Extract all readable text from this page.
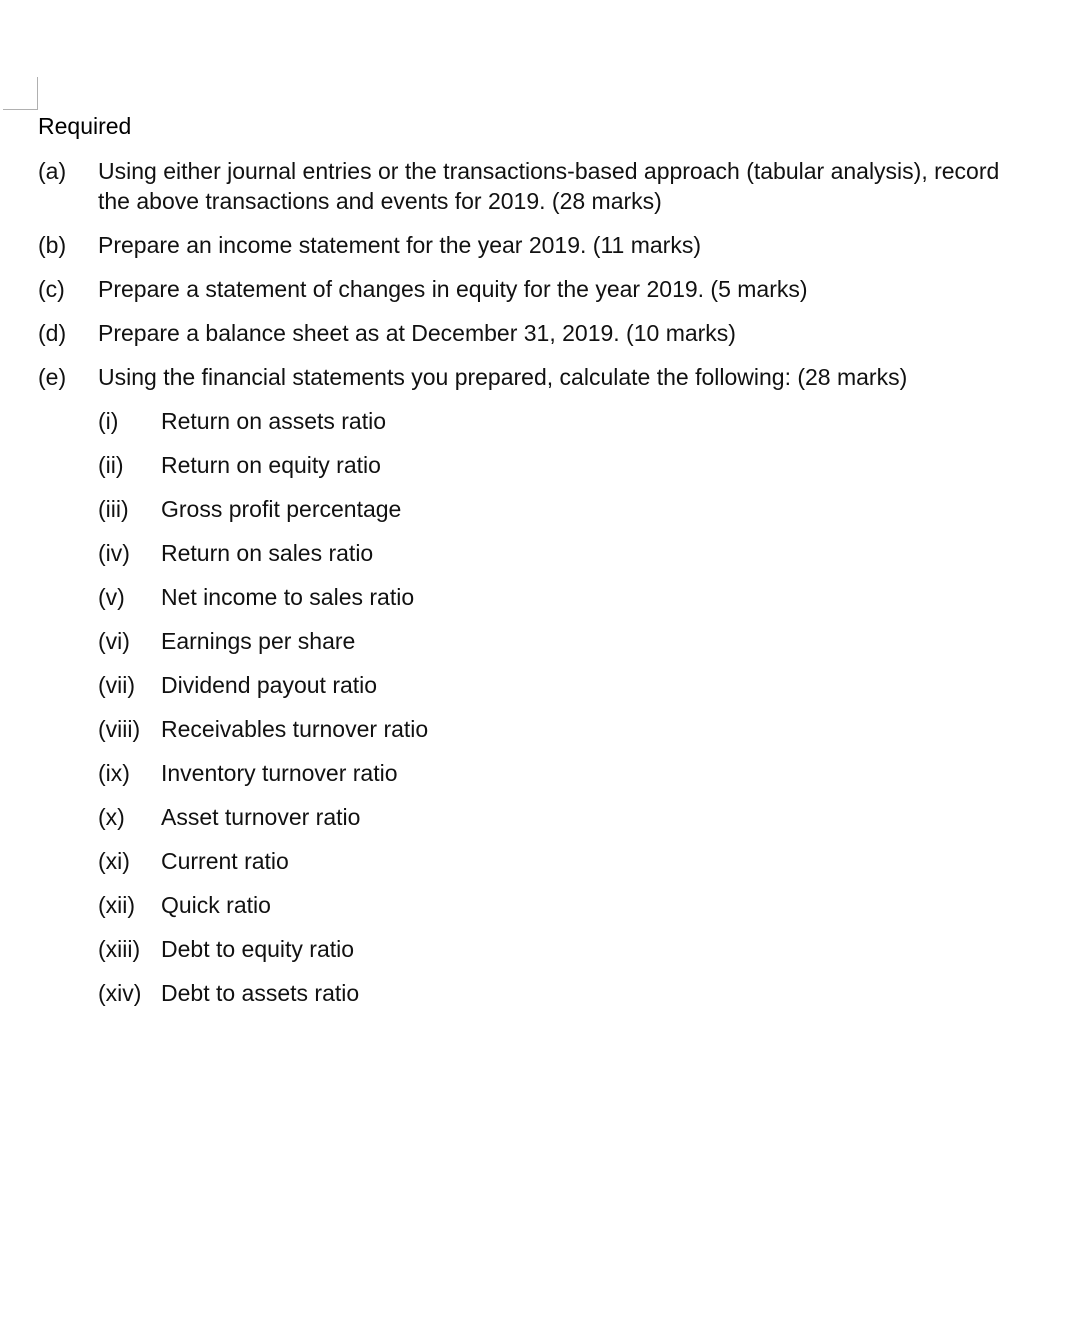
Required
(a)	Using either journal entries or the transactions-based approach (tabular analysis), record
the above transactions and events for 2019. (28 marks)
(b)	Prepare an income statement for the year 2019. (11 marks)
(c)	Prepare a statement of changes in equity for the year 2019. (5 marks)
(d)	Prepare a balance sheet as at December 31, 2019. (10 marks)
(e)	Using the financial statements you prepared, calculate the following: (28 marks)
(i)	Return on assets ratio
(ii)	Return on equity ratio
(iii)	Gross profit percentage
(iv)	Return on sales ratio
(v)	Net income to sales ratio
(vi)	Earnings per share
(vii)	Dividend payout ratio
(viii) Receivables turnover ratio
(ix)	Inventory turnover ratio
(x)	Asset turnover ratio
(xi)	Current ratio
(xii)	Quick ratio
(xiii) Debt to equity ratio
(xiv) Debt to assets ratio
